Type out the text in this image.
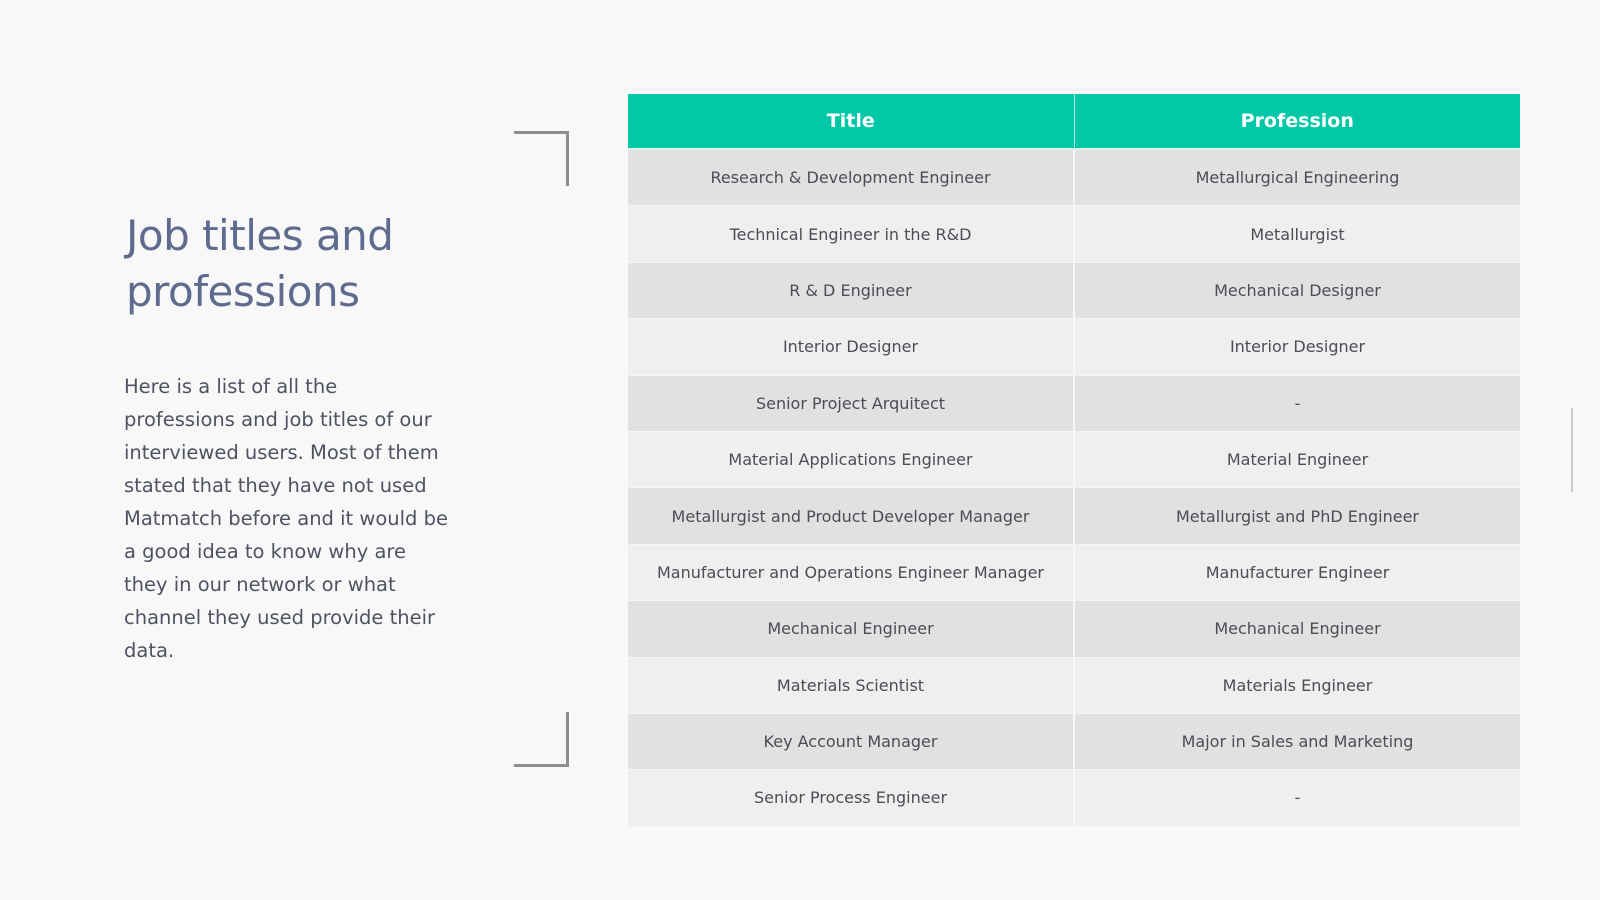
Job titles and
professions

Here is a list of all the professions and job titles of our interviewed users. Most of them stated that they have not used Matmatch before and it would be a good idea to know why are they in our network or what channel they used provide their data.

Title	Profession
Research & Development Engineer	Metallurgical Engineering
Technical Engineer in the R&D	Metallurgist
R & D Engineer	Mechanical Designer
Interior Designer	Interior Designer
Senior Project Arquitect	-
Material Applications Engineer	Material Engineer
Metallurgist and Product Developer Manager	Metallurgist and PhD Engineer
Manufacturer and Operations Engineer Manager	Manufacturer Engineer
Mechanical Engineer	Mechanical Engineer
Materials Scientist	Materials Engineer
Key Account Manager	Major in Sales and Marketing
Senior Process Engineer	-
